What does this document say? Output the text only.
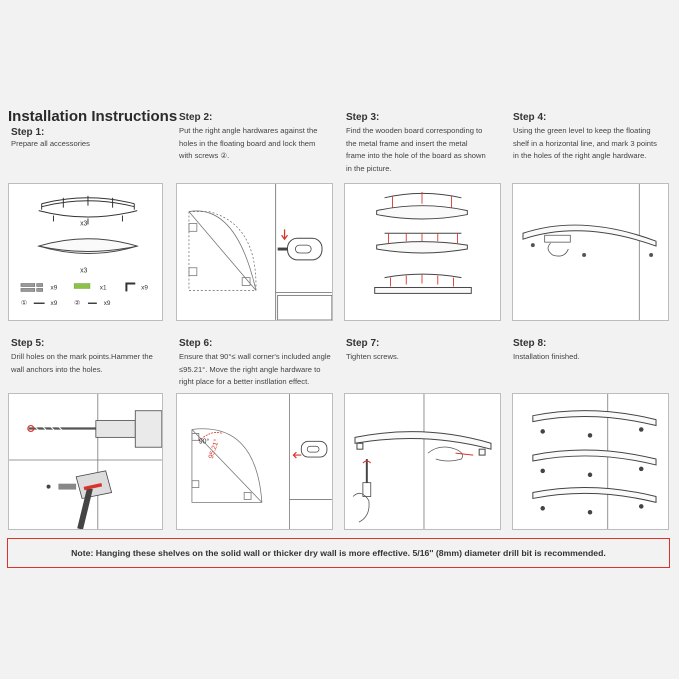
Installation Instructions
Step 1:
Prepare all accessories
x3
x3
x9	x1	x9
①	x9 ②	x9
Step 2:
Put the right angle hardwares against the
holes in the floating board and lock them
with screws ②.
Step 3:
Find the wooden board corresponding to
the metal frame and insert the metal
frame into the hole of the board as shown
in the picture.
Step 4:
Using the green level to keep the floating
shelf in a horizontal line, and mark 3 points
in the holes of the right angle hardware.
Step 5:
Drill holes on the mark points.Hammer the
wall anchors into the holes.
Step 6:
Ensure that 90°≤ wall corner's included angle
≤95.21°. Move the right angle hardware to
right place for a better instllation effect.
90°
95.21°
Step 7:
Tighten screws.
Step 8:
Installation finished.
Note: Hanging these shelves on the solid wall or thicker dry wall is more effective. 5/16'' (8mm) diameter drill bit is recommended.
